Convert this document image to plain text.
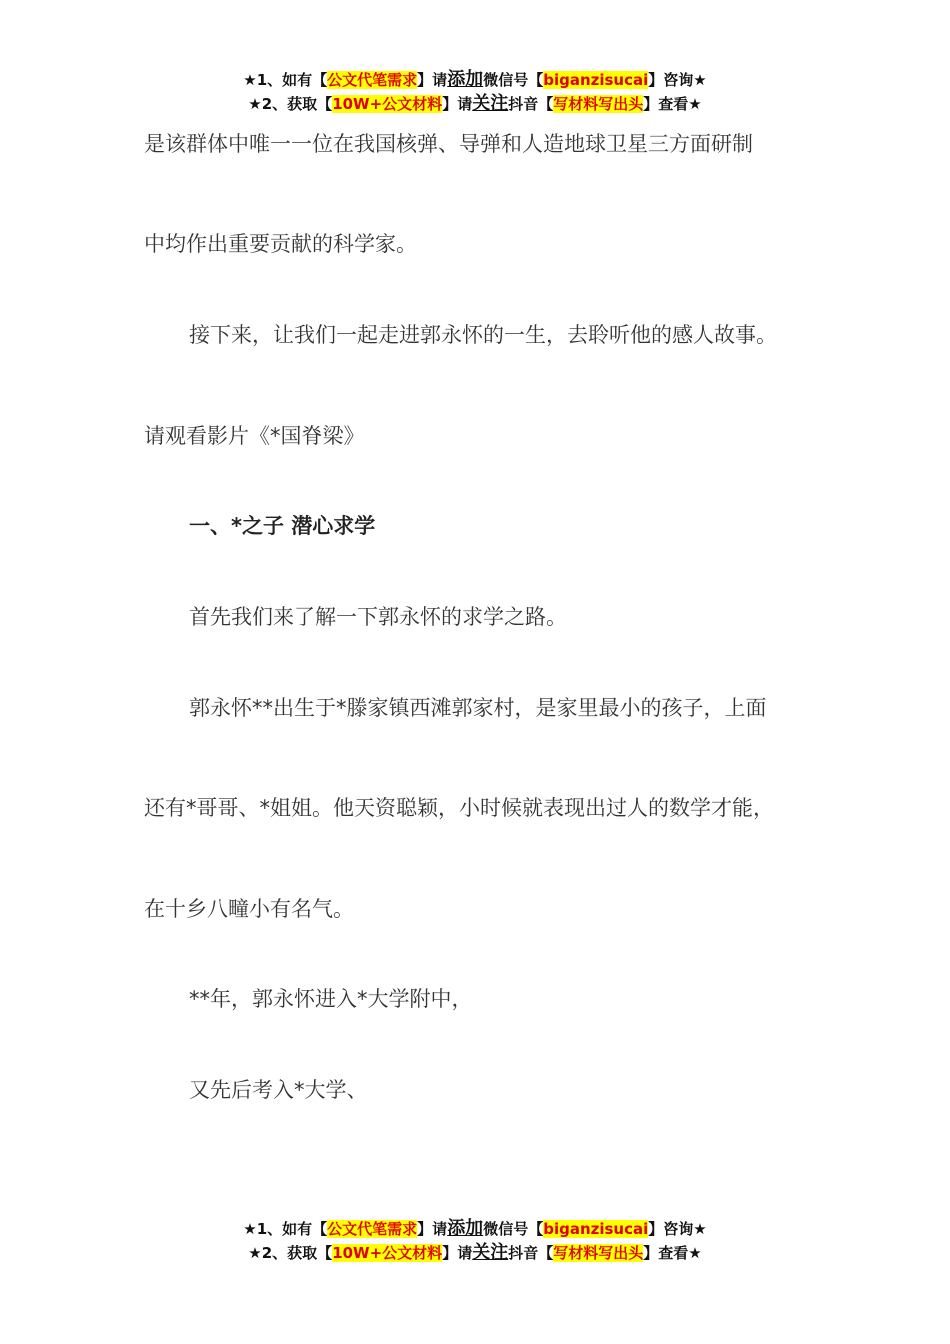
★1、如有【公文代笔需求】请添加微信号【biganzisucai】咨询★
★2、获取【10W+公文材料】请关注抖音【写材料写出头】查看★
是该群体中唯一一位在我国核弹、导弹和人造地球卫星三方面研制
中均作出重要贡献的科学家。
接下来，让我们一起走进郭永怀的一生，去聆听他的感人故事。
请观看影片《*国脊梁》
一、*之子 潜心求学
首先我们来了解一下郭永怀的求学之路。
郭永怀**出生于*滕家镇西滩郭家村，是家里最小的孩子，上面
还有*哥哥、*姐姐。他天资聪颖，小时候就表现出过人的数学才能，
在十乡八疃小有名气。
**年，郭永怀进入*大学附中，
又先后考入*大学、
★1、如有【公文代笔需求】请添加微信号【biganzisucai】咨询★
★2、获取【10W+公文材料】请关注抖音【写材料写出头】查看★
